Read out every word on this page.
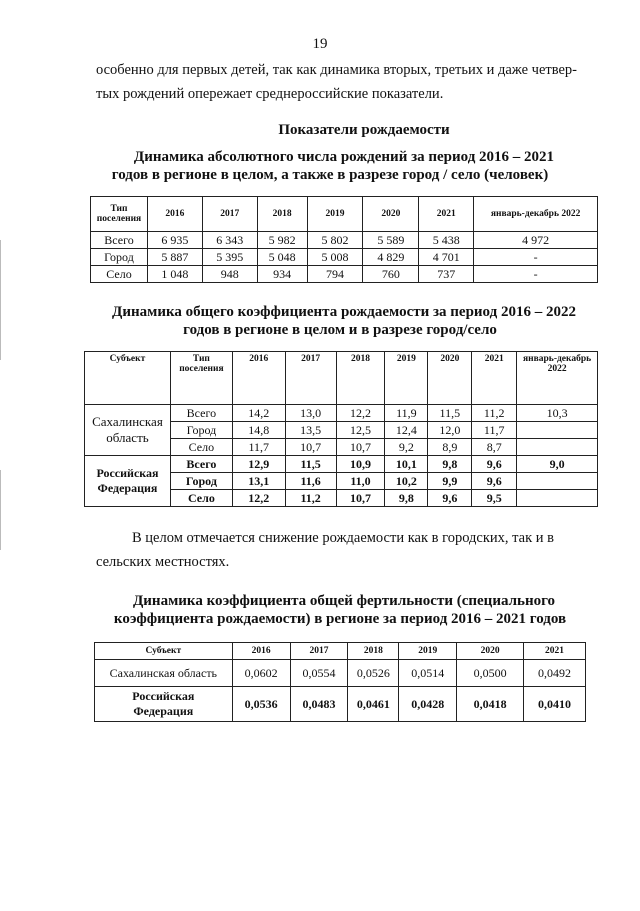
19
особенно для первых детей, так как динамика вторых, третьих и даже четвер-
тых рождений опережает среднероссийские показатели.
Показатели рождаемости
Динамика абсолютного числа рождений за период 2016 – 2021
годов в регионе в целом, а также в разрезе город / село (человек)
Тип
поселения	2016	2017	2018	2019	2020	2021	январь-декабрь 2022
Всего	6 935	6 343	5 982	5 802	5 589	5 438	4 972
Город	5 887	5 395	5 048	5 008	4 829	4 701	-
Село	1 048	948	934	794	760	737	-
Динамика общего коэффициента рождаемости за период 2016 – 2022
годов в регионе в целом и в разрезе город/село
Субъект	Тип
поселения	2016	2017	2018	2019	2020	2021	январь-декабрь
2022
Сахалинская
область	Всего	14,2	13,0	12,2	11,9	11,5	11,2	10,3
	Город	14,8	13,5	12,5	12,4	12,0	11,7	
	Село	11,7	10,7	10,7	9,2	8,9	8,7	
Российская
Федерация	Всего	12,9	11,5	10,9	10,1	9,8	9,6	9,0
	Город	13,1	11,6	11,0	10,2	9,9	9,6	
	Село	12,2	11,2	10,7	9,8	9,6	9,5	
В целом отмечается снижение рождаемости как в городских, так и в
сельских местностях.
Динамика коэффициента общей фертильности (специального
коэффициента рождаемости) в регионе за период 2016 – 2021 годов
Субъект	2016	2017	2018	2019	2020	2021
Сахалинская область	0,0602	0,0554	0,0526	0,0514	0,0500	0,0492
Российская
Федерация	0,0536	0,0483	0,0461	0,0428	0,0418	0,0410
